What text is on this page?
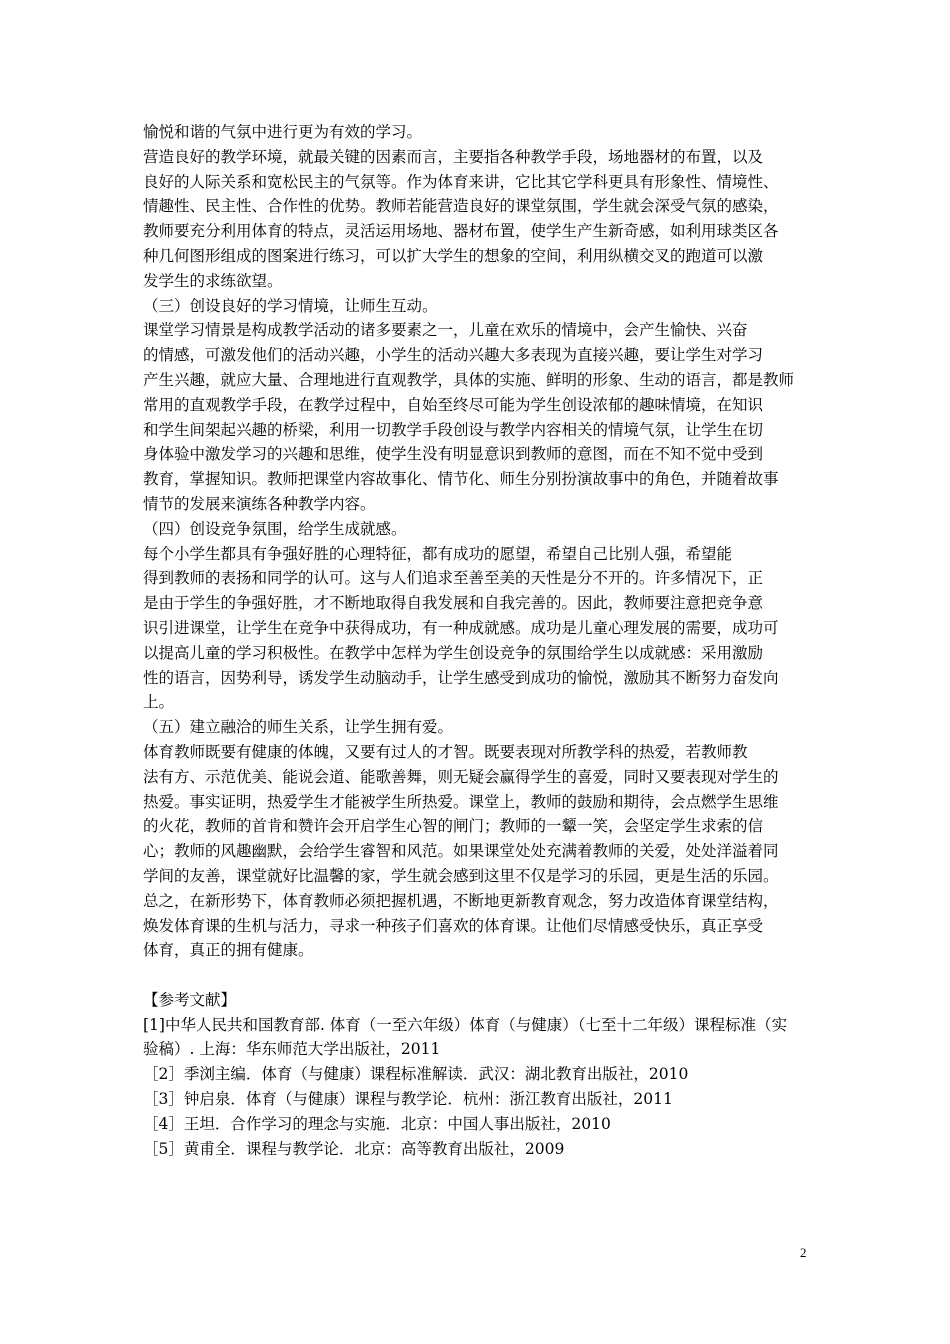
愉悦和谐的气氛中进行更为有效的学习。
营造良好的教学环境，就最关键的因素而言，主要指各种教学手段，场地器材的布置，以及
良好的人际关系和宽松民主的气氛等。作为体育来讲，它比其它学科更具有形象性、情境性、
情趣性、民主性、合作性的优势。教师若能营造良好的课堂氛围，学生就会深受气氛的感染，
教师要充分利用体育的特点，灵活运用场地、器材布置，使学生产生新奇感，如利用球类区各
种几何图形组成的图案进行练习，可以扩大学生的想象的空间，利用纵横交叉的跑道可以激
发学生的求练欲望。
（三）创设良好的学习情境，让师生互动。
课堂学习情景是构成教学活动的诸多要素之一，儿童在欢乐的情境中，会产生愉快、兴奋
的情感，可激发他们的活动兴趣，小学生的活动兴趣大多表现为直接兴趣，要让学生对学习
产生兴趣，就应大量、合理地进行直观教学，具体的实施、鲜明的形象、生动的语言，都是教师
常用的直观教学手段，在教学过程中，自始至终尽可能为学生创设浓郁的趣味情境，在知识
和学生间架起兴趣的桥梁，利用一切教学手段创设与教学内容相关的情境气氛，让学生在切
身体验中激发学习的兴趣和思维，使学生没有明显意识到教师的意图，而在不知不觉中受到
教育，掌握知识。教师把课堂内容故事化、情节化、师生分别扮演故事中的角色，并随着故事
情节的发展来演练各种教学内容。
（四）创设竞争氛围，给学生成就感。
每个小学生都具有争强好胜的心理特征，都有成功的愿望，希望自己比别人强，希望能
得到教师的表扬和同学的认可。这与人们追求至善至美的天性是分不开的。许多情况下，正
是由于学生的争强好胜，才不断地取得自我发展和自我完善的。因此，教师要注意把竞争意
识引进课堂，让学生在竞争中获得成功，有一种成就感。成功是儿童心理发展的需要，成功可
以提高儿童的学习积极性。在教学中怎样为学生创设竞争的氛围给学生以成就感：采用激励
性的语言，因势利导，诱发学生动脑动手，让学生感受到成功的愉悦，激励其不断努力奋发向
上。
（五）建立融洽的师生关系，让学生拥有爱。
体育教师既要有健康的体魄，又要有过人的才智。既要表现对所教学科的热爱，若教师教
法有方、示范优美、能说会道、能歌善舞，则无疑会赢得学生的喜爱，同时又要表现对学生的
热爱。事实证明，热爱学生才能被学生所热爱。课堂上，教师的鼓励和期待，会点燃学生思维
的火花，教师的首肯和赞许会开启学生心智的闸门；教师的一颦一笑，会坚定学生求索的信
心；教师的风趣幽默，会给学生睿智和风范。如果课堂处处充满着教师的关爱，处处洋溢着同
学间的友善，课堂就好比温馨的家，学生就会感到这里不仅是学习的乐园，更是生活的乐园。
总之，在新形势下，体育教师必须把握机遇，不断地更新教育观念，努力改造体育课堂结构，
焕发体育课的生机与活力，寻求一种孩子们喜欢的体育课。让他们尽情感受快乐，真正享受
体育，真正的拥有健康。
【参考文献】
[1]中华人民共和国教育部. 体育（一至六年级）体育（与健康）（七至十二年级）课程标准（实
验稿）. 上海：华东师范大学出版社，2011
［2］季浏主编．体育（与健康）课程标准解读．武汉：湖北教育出版社，2010
［3］钟启泉．体育（与健康）课程与教学论．杭州：浙江教育出版社，2011
［4］王坦．合作学习的理念与实施．北京：中国人事出版社，2010
［5］黄甫全．课程与教学论．北京：高等教育出版社，2009
2
